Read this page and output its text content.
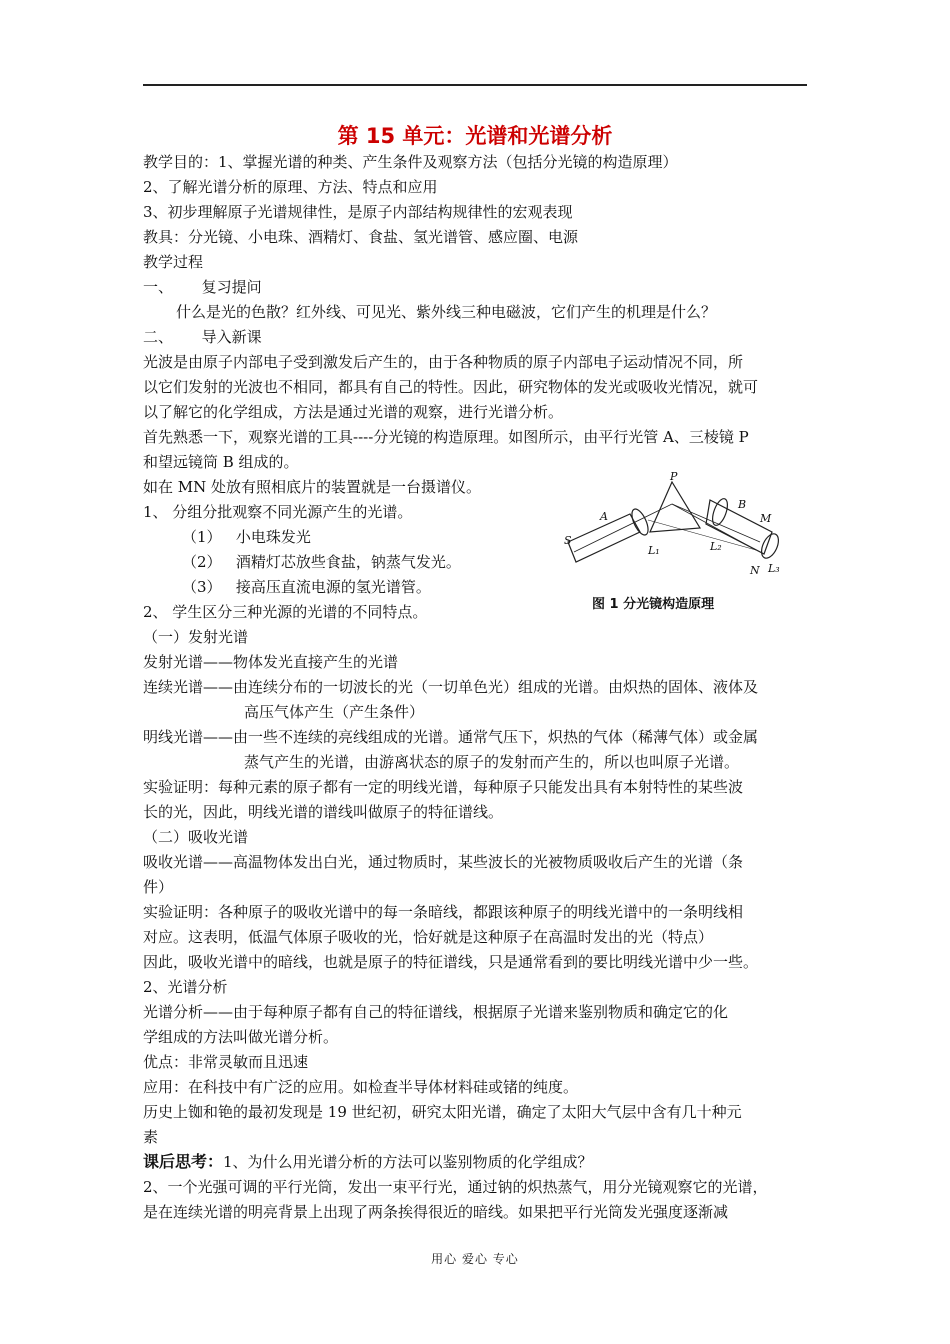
第 15 单元：光谱和光谱分析
教学目的：1、掌握光谱的种类、产生条件及观察方法（包括分光镜的构造原理）
2、了解光谱分析的原理、方法、特点和应用
3、初步理解原子光谱规律性，是原子内部结构规律性的宏观表现
教具：分光镜、小电珠、酒精灯、食盐、氢光谱管、感应圈、电源
教学过程
一、      复习提问
什么是光的色散？红外线、可见光、紫外线三种电磁波，它们产生的机理是什么？
二、      导入新课
光波是由原子内部电子受到激发后产生的，由于各种物质的原子内部电子运动情况不同，所
以它们发射的光波也不相同，都具有自己的特性。因此，研究物体的发光或吸收光情况，就可
以了解它的化学组成，方法是通过光谱的观察，进行光谱分析。
首先熟悉一下，观察光谱的工具----分光镜的构造原理。如图所示，由平行光管 A、三棱镜 P
和望远镜筒 B 组成的。
如在 MN 处放有照相底片的装置就是一台摄谱仪。
1、 分组分批观察不同光源产生的光谱。
（1）   小电珠发光
（2）   酒精灯芯放些食盐，钠蒸气发光。
（3）   接高压直流电源的氢光谱管。
2、 学生区分三种光源的光谱的不同特点。
（一）发射光谱
发射光谱——物体发光直接产生的光谱
连续光谱——由连续分布的一切波长的光（一切单色光）组成的光谱。由炽热的固体、液体及
高压气体产生（产生条件）
明线光谱——由一些不连续的亮线组成的光谱。通常气压下，炽热的气体（稀薄气体）或金属
蒸气产生的光谱，由游离状态的原子的发射而产生的，所以也叫原子光谱。
实验证明：每种元素的原子都有一定的明线光谱，每种原子只能发出具有本射特性的某些波
长的光，因此，明线光谱的谱线叫做原子的特征谱线。
（二）吸收光谱
吸收光谱——高温物体发出白光，通过物质时，某些波长的光被物质吸收后产生的光谱（条
件）
实验证明：各种原子的吸收光谱中的每一条暗线，都跟该种原子的明线光谱中的一条明线相
对应。这表明，低温气体原子吸收的光，恰好就是这种原子在高温时发出的光（特点）
因此，吸收光谱中的暗线，也就是原子的特征谱线，只是通常看到的要比明线光谱中少一些。
2、光谱分析
光谱分析——由于每种原子都有自己的特征谱线，根据原子光谱来鉴别物质和确定它的化
学组成的方法叫做光谱分析。
优点：非常灵敏而且迅速
应用：在科技中有广泛的应用。如检查半导体材料硅或锗的纯度。
历史上铷和铯的最初发现是 19 世纪初，研究太阳光谱，确定了太阳大气层中含有几十种元
素
课后思考：1、为什么用光谱分析的方法可以鉴别物质的化学组成？
2、一个光强可调的平行光筒，发出一束平行光，通过钠的炽热蒸气，用分光镜观察它的光谱，
是在连续光谱的明亮背景上出现了两条挨得很近的暗线。如果把平行光筒发光强度逐渐减
P
A
B
S
M
N
L₁	L₂
L₃
图 1 分光镜构造原理
用心 爱心 专心
